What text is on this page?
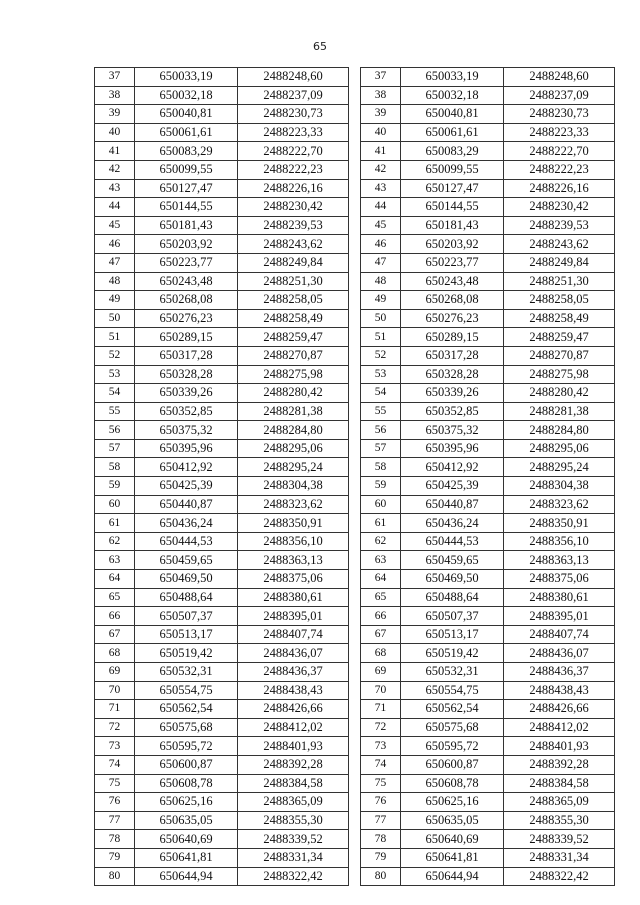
65
37	650033,19	2488248,60
38	650032,18	2488237,09
39	650040,81	2488230,73
40	650061,61	2488223,33
41	650083,29	2488222,70
42	650099,55	2488222,23
43	650127,47	2488226,16
44	650144,55	2488230,42
45	650181,43	2488239,53
46	650203,92	2488243,62
47	650223,77	2488249,84
48	650243,48	2488251,30
49	650268,08	2488258,05
50	650276,23	2488258,49
51	650289,15	2488259,47
52	650317,28	2488270,87
53	650328,28	2488275,98
54	650339,26	2488280,42
55	650352,85	2488281,38
56	650375,32	2488284,80
57	650395,96	2488295,06
58	650412,92	2488295,24
59	650425,39	2488304,38
60	650440,87	2488323,62
61	650436,24	2488350,91
62	650444,53	2488356,10
63	650459,65	2488363,13
64	650469,50	2488375,06
65	650488,64	2488380,61
66	650507,37	2488395,01
67	650513,17	2488407,74
68	650519,42	2488436,07
69	650532,31	2488436,37
70	650554,75	2488438,43
71	650562,54	2488426,66
72	650575,68	2488412,02
73	650595,72	2488401,93
74	650600,87	2488392,28
75	650608,78	2488384,58
76	650625,16	2488365,09
77	650635,05	2488355,30
78	650640,69	2488339,52
79	650641,81	2488331,34
80	650644,94	2488322,42
37	650033,19	2488248,60
38	650032,18	2488237,09
39	650040,81	2488230,73
40	650061,61	2488223,33
41	650083,29	2488222,70
42	650099,55	2488222,23
43	650127,47	2488226,16
44	650144,55	2488230,42
45	650181,43	2488239,53
46	650203,92	2488243,62
47	650223,77	2488249,84
48	650243,48	2488251,30
49	650268,08	2488258,05
50	650276,23	2488258,49
51	650289,15	2488259,47
52	650317,28	2488270,87
53	650328,28	2488275,98
54	650339,26	2488280,42
55	650352,85	2488281,38
56	650375,32	2488284,80
57	650395,96	2488295,06
58	650412,92	2488295,24
59	650425,39	2488304,38
60	650440,87	2488323,62
61	650436,24	2488350,91
62	650444,53	2488356,10
63	650459,65	2488363,13
64	650469,50	2488375,06
65	650488,64	2488380,61
66	650507,37	2488395,01
67	650513,17	2488407,74
68	650519,42	2488436,07
69	650532,31	2488436,37
70	650554,75	2488438,43
71	650562,54	2488426,66
72	650575,68	2488412,02
73	650595,72	2488401,93
74	650600,87	2488392,28
75	650608,78	2488384,58
76	650625,16	2488365,09
77	650635,05	2488355,30
78	650640,69	2488339,52
79	650641,81	2488331,34
80	650644,94	2488322,42
